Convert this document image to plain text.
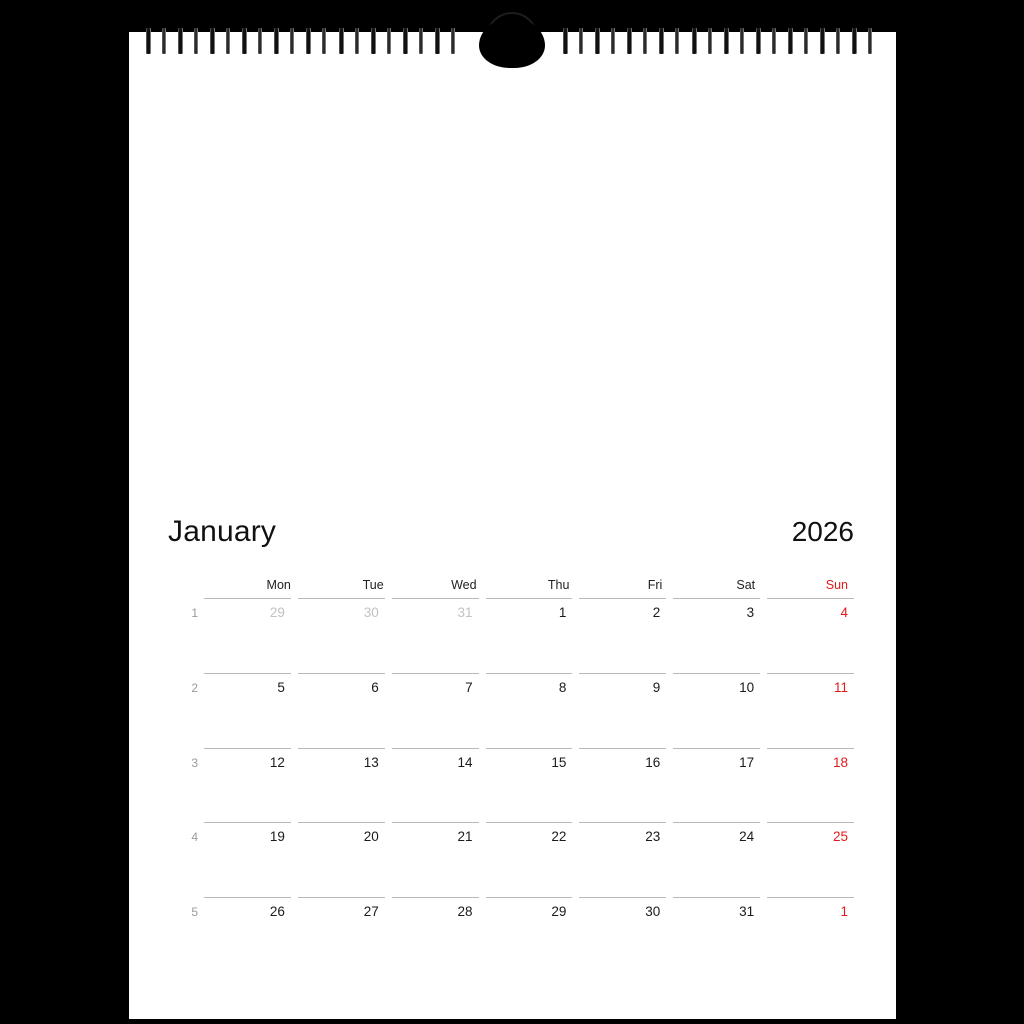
January	2026
Mon	Tue	Wed	Thu	Fri	Sat	Sun
1	29	30	31	1	2	3	4
2	5	6	7	8	9	10	11
3	12	13	14	15	16	17	18
4	19	20	21	22	23	24	25
5	26	27	28	29	30	31	1
